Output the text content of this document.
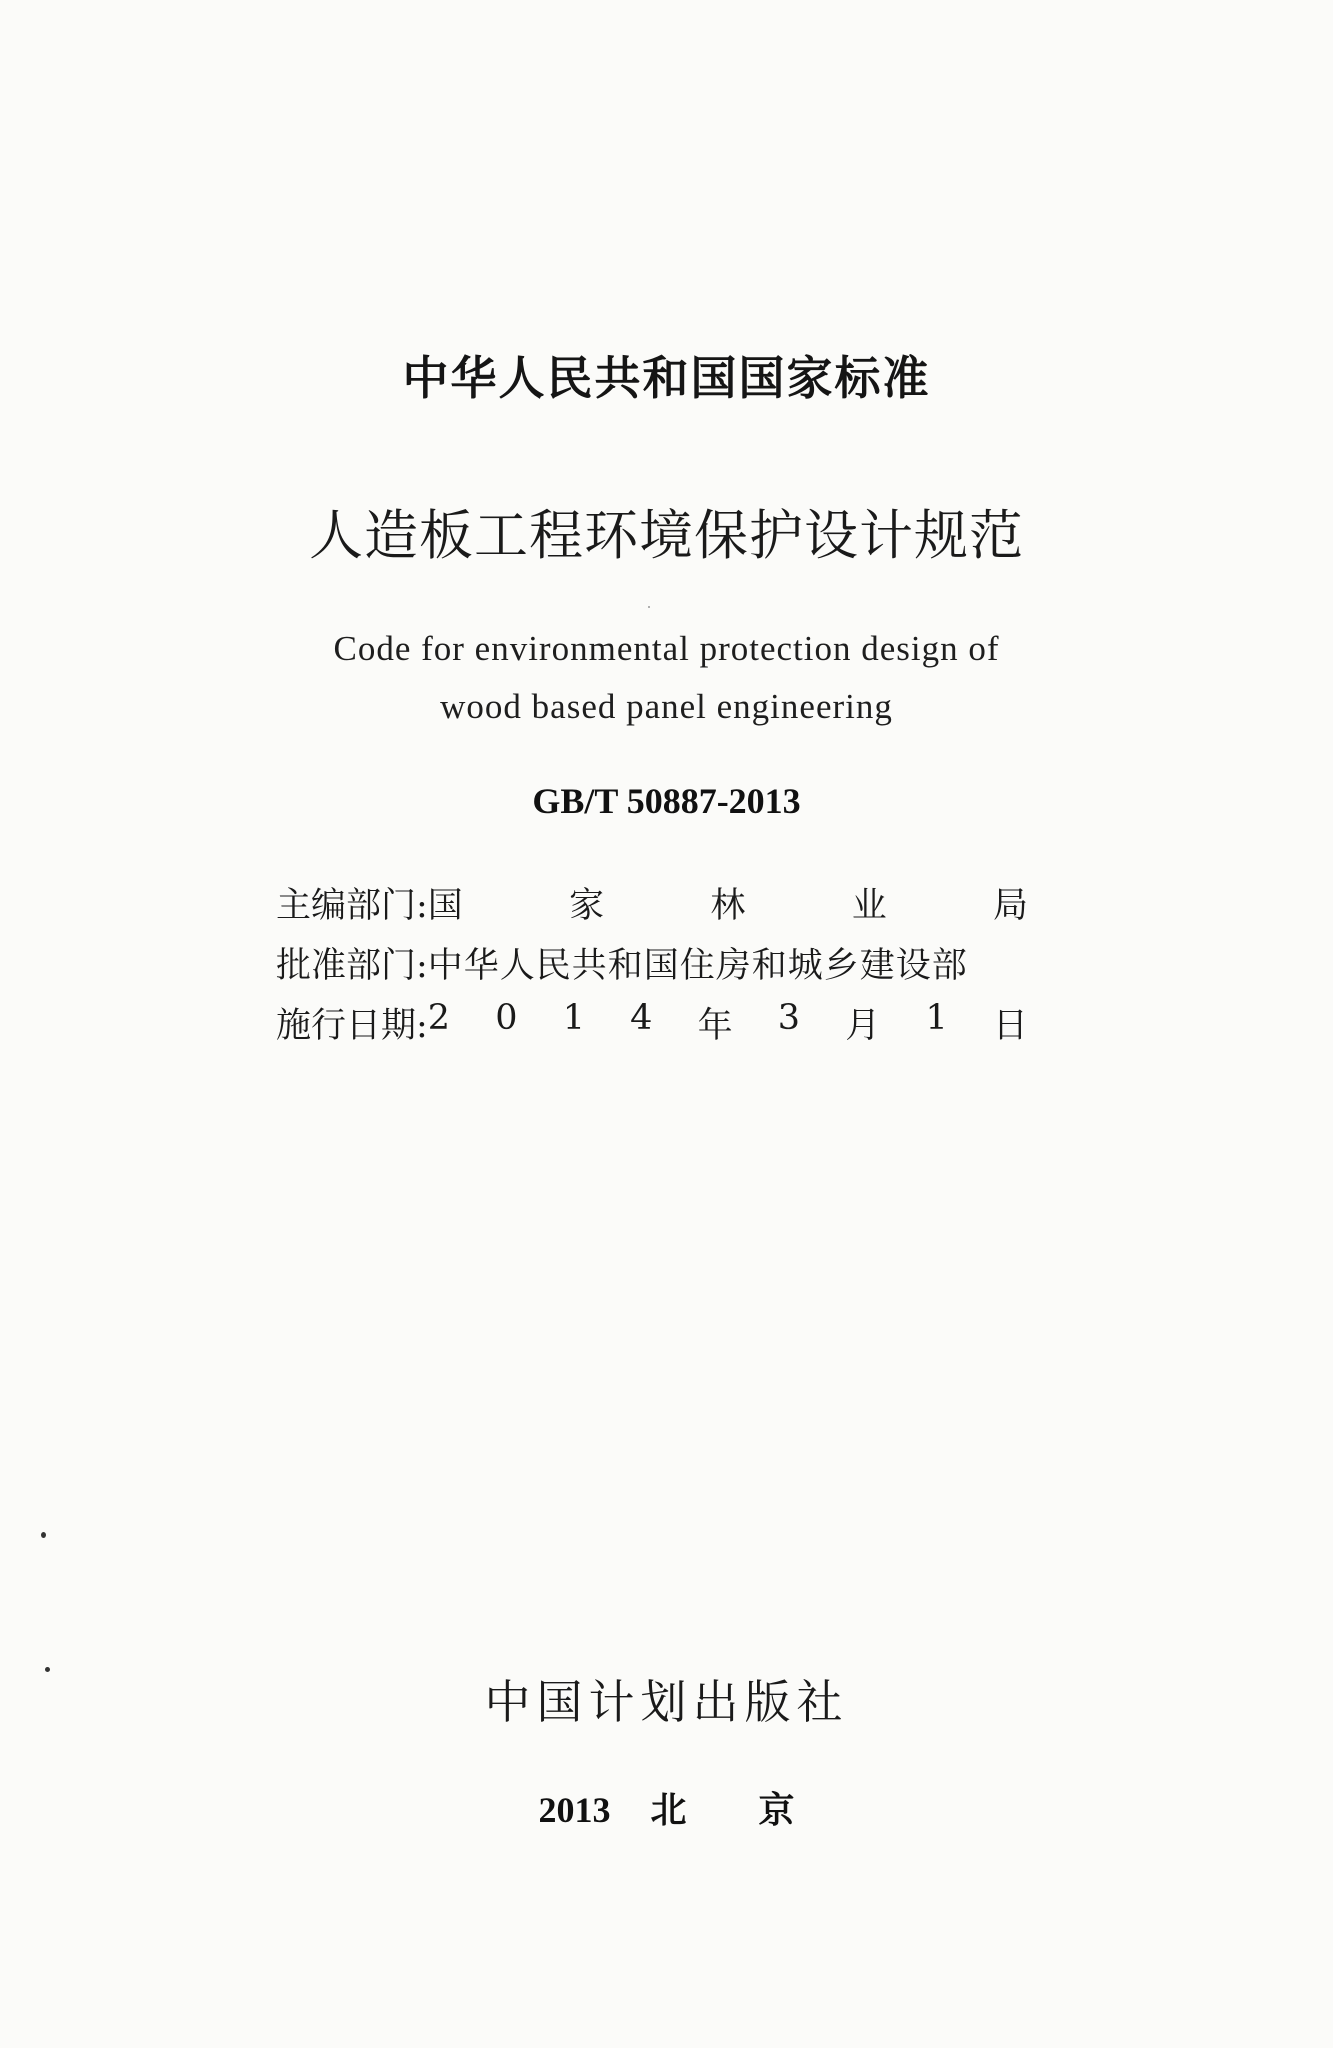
中华人民共和国国家标准
人造板工程环境保护设计规范
Code for environmental protection design of
wood based panel engineering
GB/T 50887-2013
主编部门: 国	家	林	业	局
批准部门: 中华人民共和国住房和城乡建设部
施行日期: 2 0 1 4 年 3 月 1 日
中国计划出版社
2013 北京
